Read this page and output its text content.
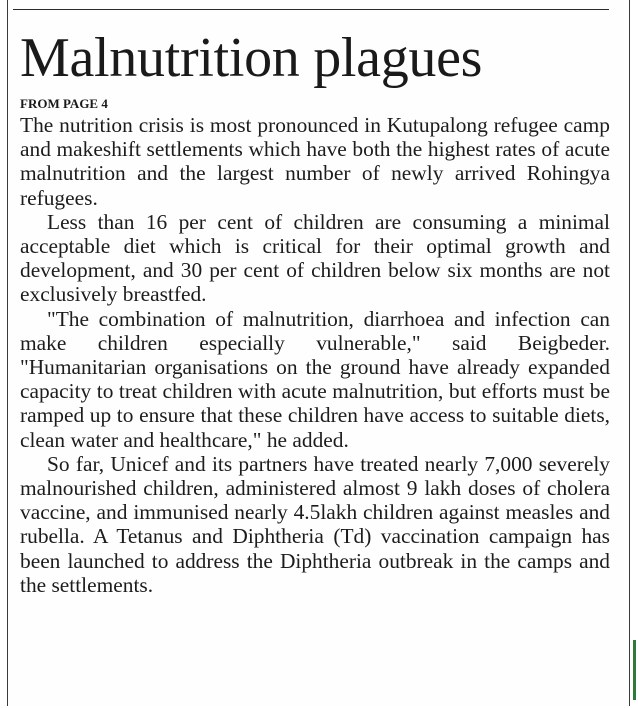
Malnutrition plagues
FROM PAGE 4

The nutrition crisis is most pronounced in Kutupalong refugee camp and makeshift settlements which have both the highest rates of acute malnutrition and the largest number of newly arrived Rohingya refugees.

Less than 16 per cent of children are consuming a minimal acceptable diet which is critical for their optimal growth and development, and 30 per cent of children below six months are not exclusively breastfed.

"The combination of malnutrition, diarrhoea and infection can make children especially vulnerable," said Beigbeder. "Humanitarian organisations on the ground have already expanded capacity to treat children with acute malnutrition, but efforts must be ramped up to ensure that these children have access to suitable diets, clean water and healthcare," he added.

So far, Unicef and its partners have treated nearly 7,000 severely malnourished children, administered almost 9 lakh doses of cholera vaccine, and immunised nearly 4.5lakh children against measles and rubella. A Tetanus and Diphtheria (Td) vaccination campaign has been launched to address the Diphtheria outbreak in the camps and the settlements.
